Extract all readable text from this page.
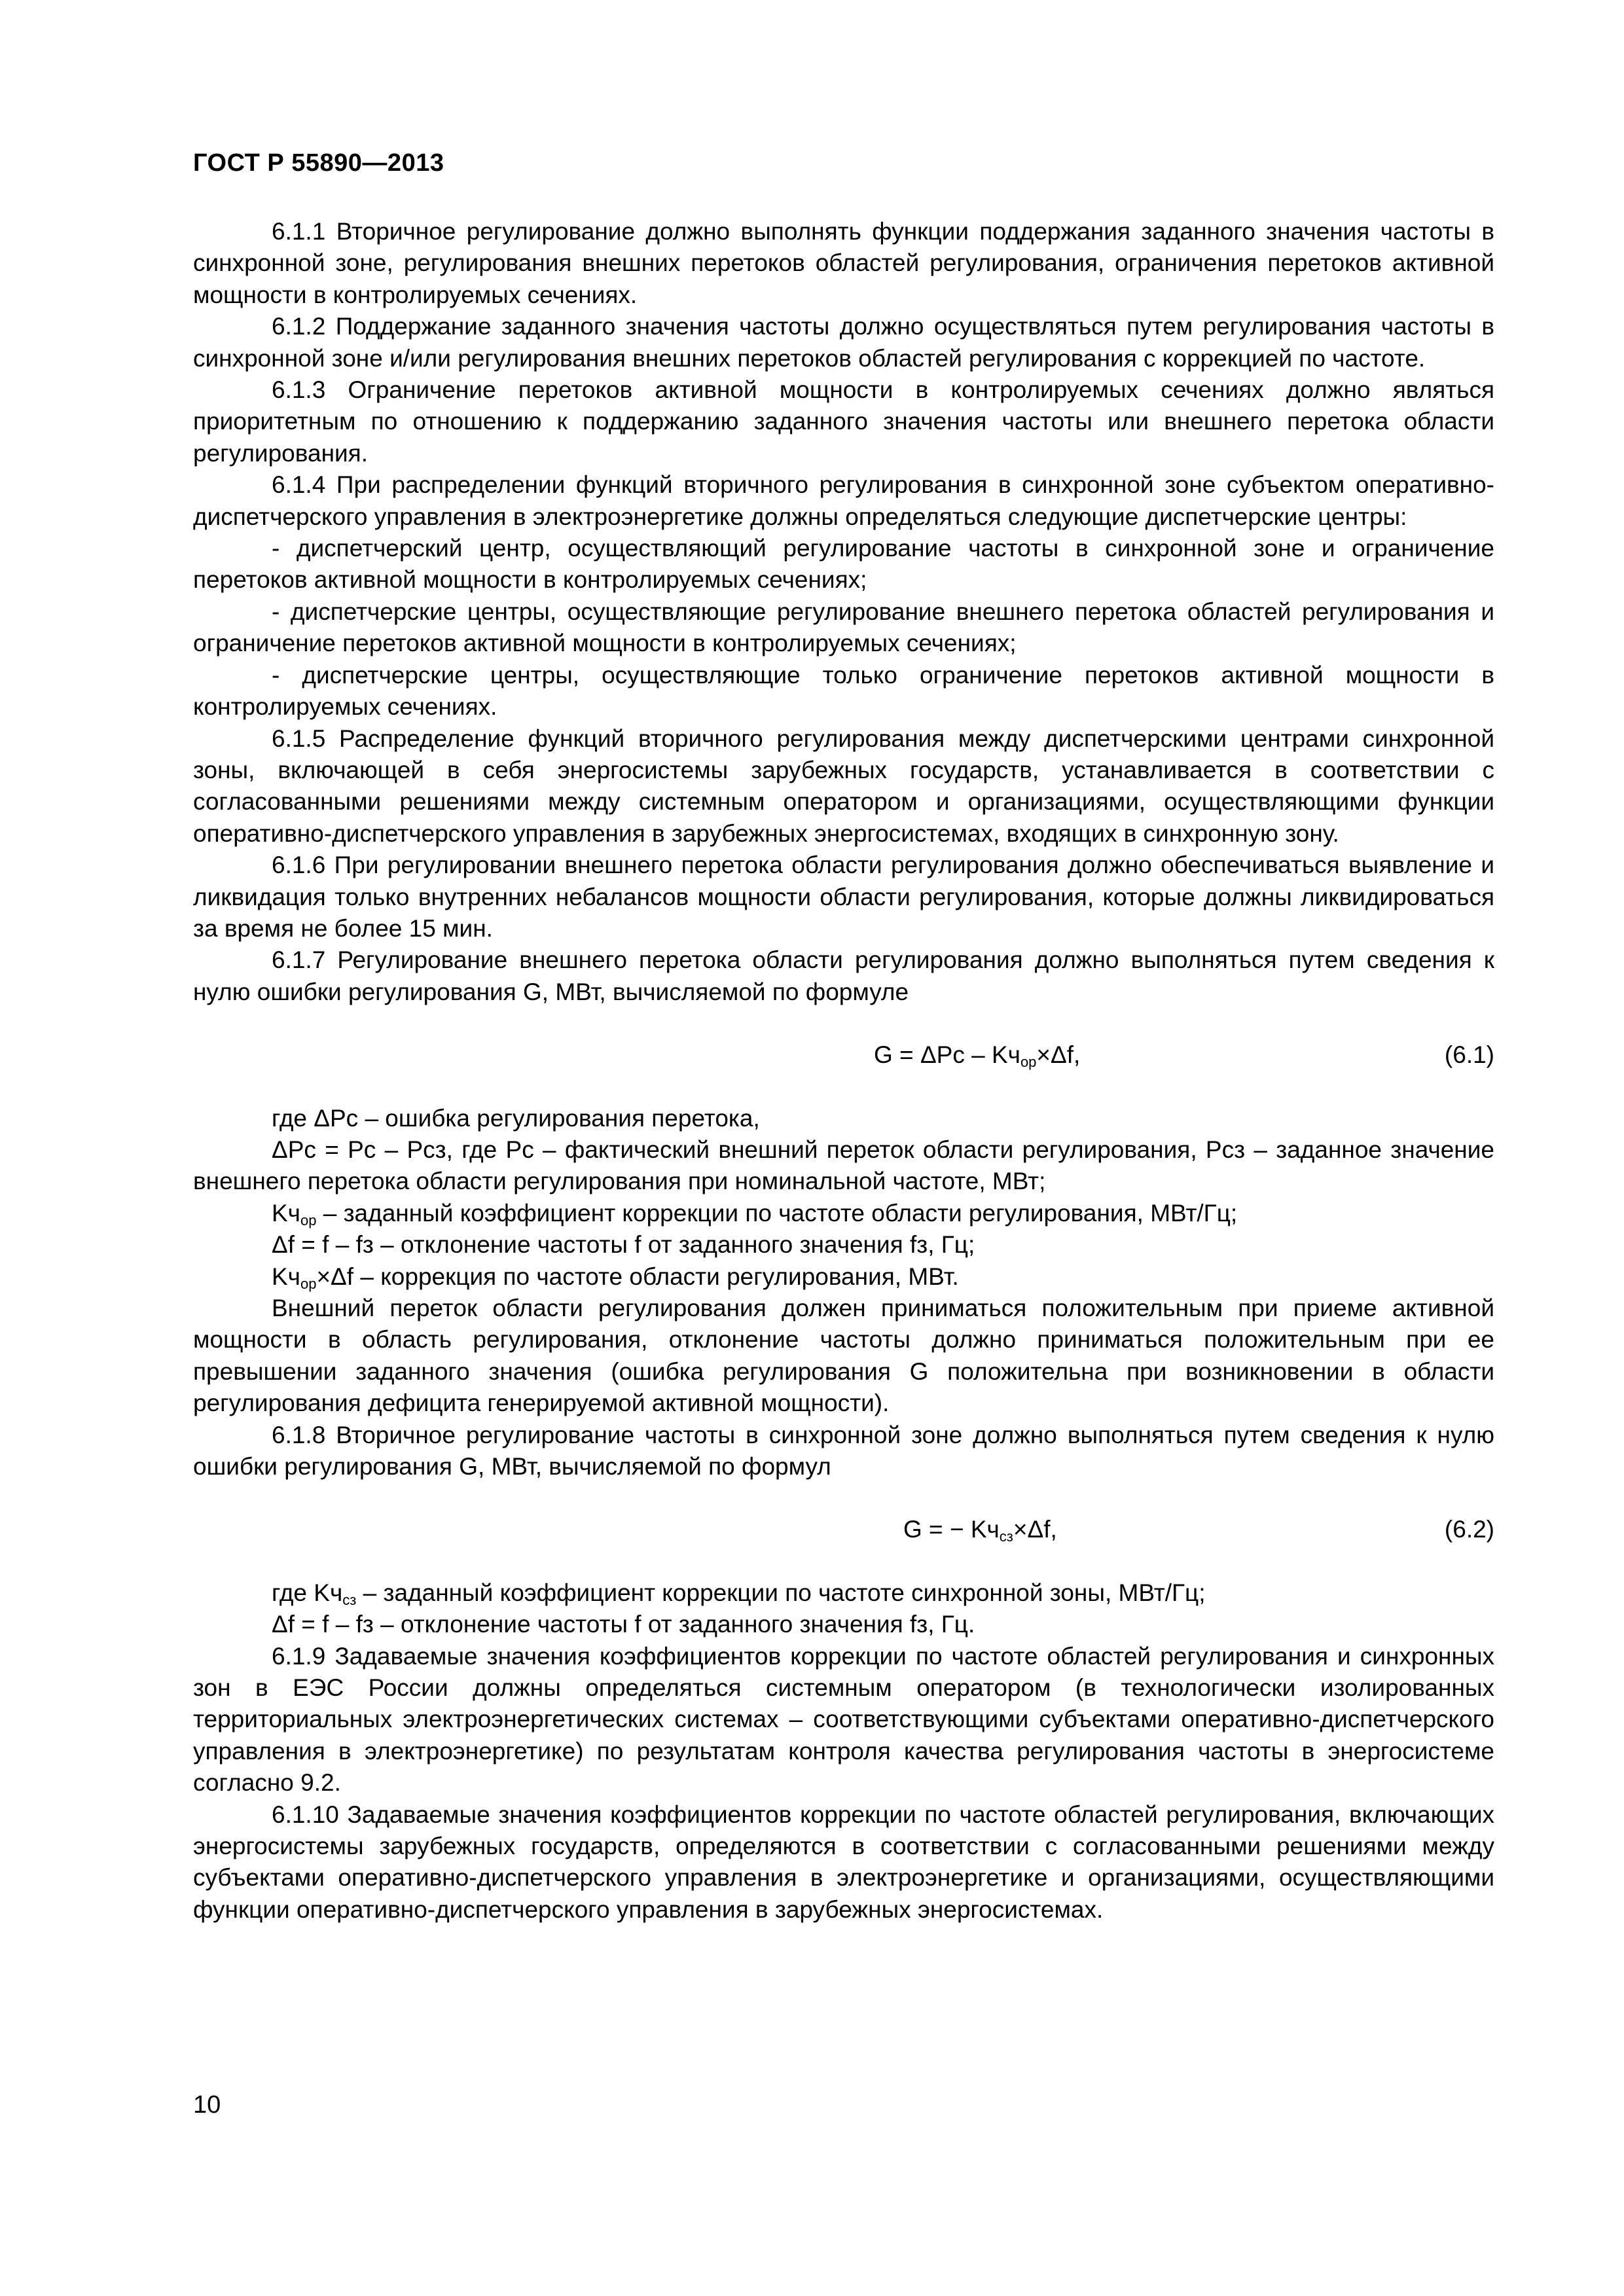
ГОСТ Р 55890—2013

6.1.1 Вторичное регулирование должно выполнять функции поддержания заданного значения частоты в синхронной зоне, регулирования внешних перетоков областей регулирования, ограничения перетоков активной мощности в контролируемых сечениях.

6.1.2 Поддержание заданного значения частоты должно осуществляться путем регулирования частоты в синхронной зоне и/или регулирования внешних перетоков областей регулирования с коррекцией по частоте.

6.1.3 Ограничение перетоков активной мощности в контролируемых сечениях должно являться приоритетным по отношению к поддержанию заданного значения частоты или внешнего перетока области регулирования.

6.1.4 При распределении функций вторичного регулирования в синхронной зоне субъектом оперативно-диспетчерского управления в электроэнергетике должны определяться следующие диспетчерские центры:

- диспетчерский центр, осуществляющий регулирование частоты в синхронной зоне и ограничение перетоков активной мощности в контролируемых сечениях;

- диспетчерские центры, осуществляющие регулирование внешнего перетока областей регулирования и ограничение перетоков активной мощности в контролируемых сечениях;

- диспетчерские центры, осуществляющие только ограничение перетоков активной мощности в контролируемых сечениях.

6.1.5 Распределение функций вторичного регулирования между диспетчерскими центрами синхронной зоны, включающей в себя энергосистемы зарубежных государств, устанавливается в соответствии с согласованными решениями между системным оператором и организациями, осуществляющими функции оперативно-диспетчерского управления в зарубежных энергосистемах, входящих в синхронную зону.

6.1.6 При регулировании внешнего перетока области регулирования должно обеспечиваться выявление и ликвидация только внутренних небалансов мощности области регулирования, которые должны ликвидироваться за время не более 15 мин.

6.1.7 Регулирование внешнего перетока области регулирования должно выполняться путем сведения к нулю ошибки регулирования G, МВт, вычисляемой по формуле

$G = \Delta Pc - Kч_{ор}\times\Delta f$,	(6.1)

где ΔPc – ошибка регулирования перетока,

ΔPc = Pc – Pсз, где Pc – фактический внешний переток области регулирования, Pсз – заданное значение внешнего перетока области регулирования при номинальной частоте, МВт;

$Kч_{ор}$ – заданный коэффициент коррекции по частоте области регулирования, МВт/Гц;

Δf = f – fз – отклонение частоты f от заданного значения fз, Гц;

$Kч_{ор}\times\Delta f$ – коррекция по частоте области регулирования, МВт.

Внешний переток области регулирования должен приниматься положительным при приеме активной мощности в область регулирования, отклонение частоты должно приниматься положительным при ее превышении заданного значения (ошибка регулирования G положительна при возникновении в области регулирования дефицита генерируемой активной мощности).

6.1.8 Вторичное регулирование частоты в синхронной зоне должно выполняться путем сведения к нулю ошибки регулирования G, МВт, вычисляемой по формул

G = − $Kч_{сз}\times\Delta f$,	(6.2)

где $Kч_{сз}$ – заданный коэффициент коррекции по частоте синхронной зоны, МВт/Гц;

Δf = f – fз – отклонение частоты f от заданного значения fз, Гц.

6.1.9 Задаваемые значения коэффициентов коррекции по частоте областей регулирования и синхронных зон в ЕЭС России должны определяться системным оператором (в технологически изолированных территориальных электроэнергетических системах – соответствующими субъектами оперативно-диспетчерского управления в электроэнергетике) по результатам контроля качества регулирования частоты в энергосистеме согласно 9.2.

6.1.10 Задаваемые значения коэффициентов коррекции по частоте областей регулирования, включающих энергосистемы зарубежных государств, определяются в соответствии с согласованными решениями между субъектами оперативно-диспетчерского управления в электроэнергетике и организациями, осуществляющими функции оперативно-диспетчерского управления в зарубежных энергосистемах.

10
